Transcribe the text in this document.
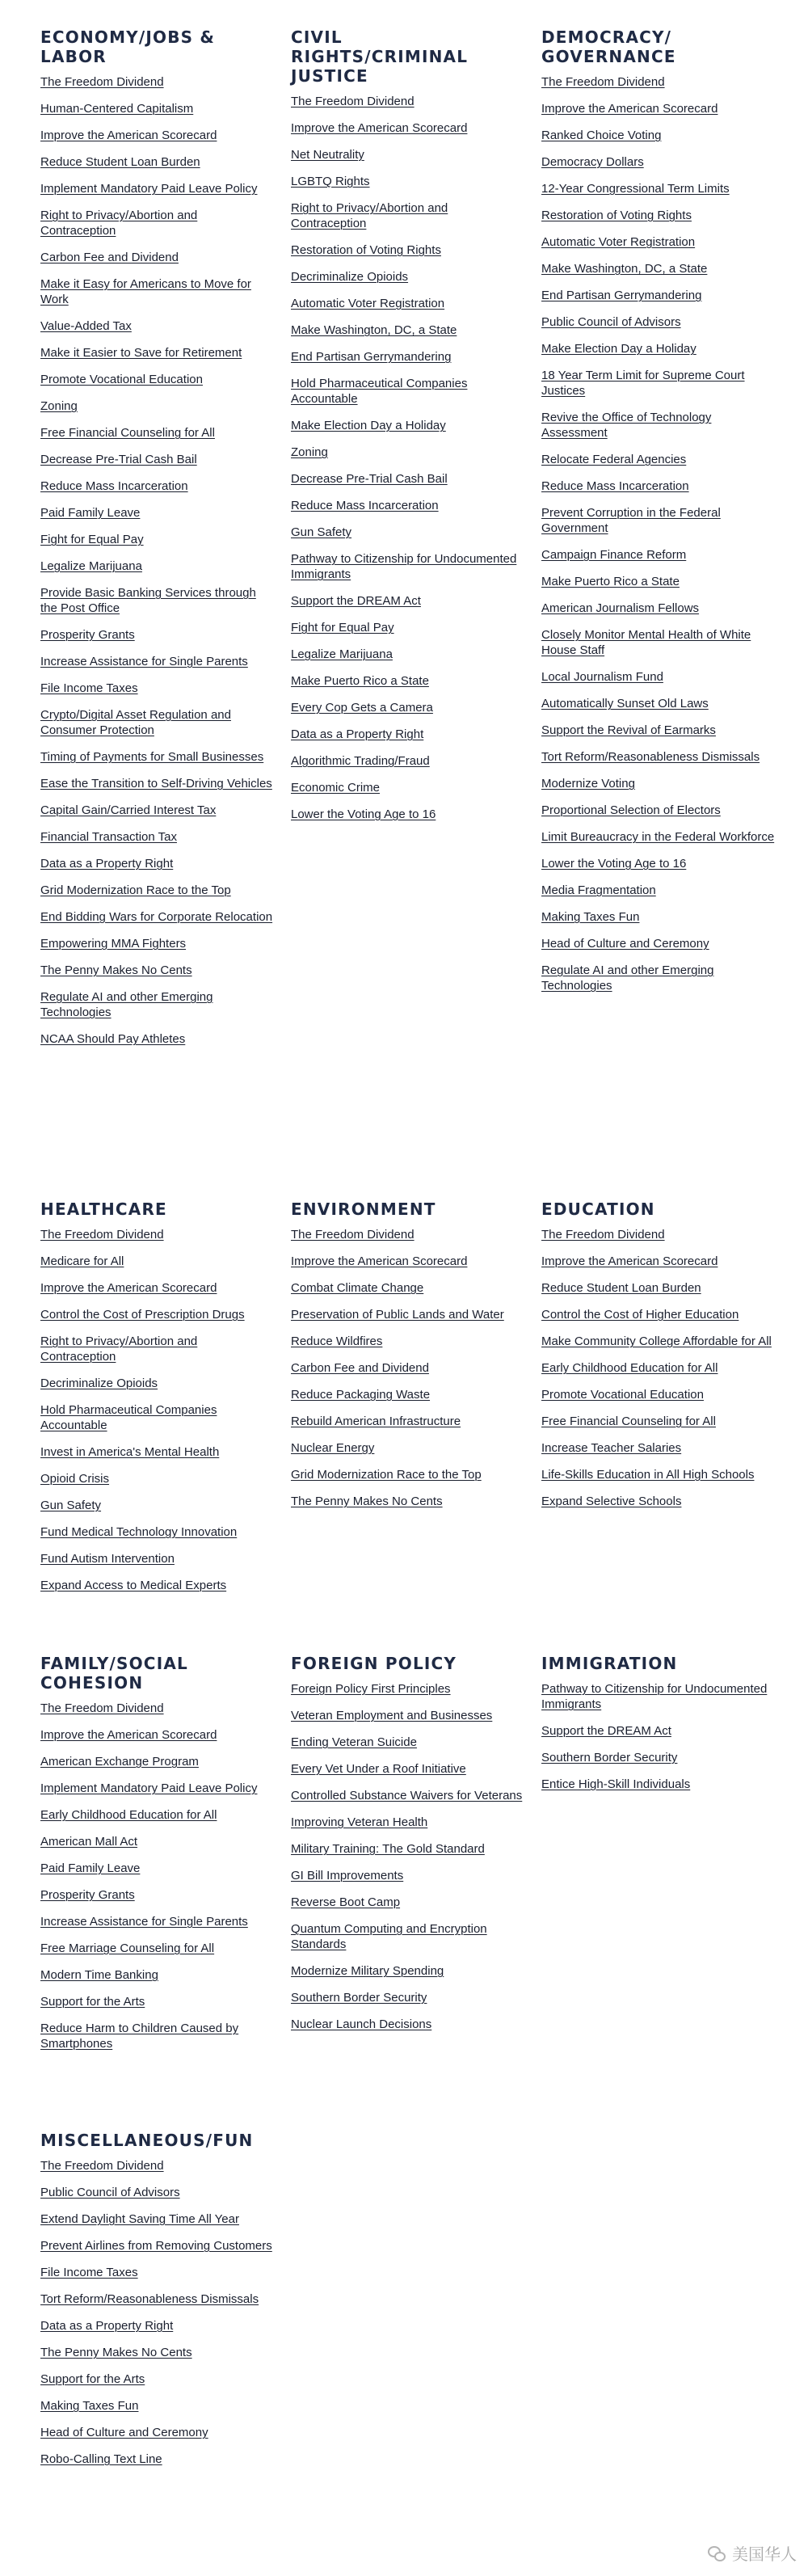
ECONOMY/JOBS & LABOR
The Freedom Dividend
Human-Centered Capitalism
Improve the American Scorecard
Reduce Student Loan Burden
Implement Mandatory Paid Leave Policy
Right to Privacy/Abortion and Contraception
Carbon Fee and Dividend
Make it Easy for Americans to Move for Work
Value-Added Tax
Make it Easier to Save for Retirement
Promote Vocational Education
Zoning
Free Financial Counseling for All
Decrease Pre-Trial Cash Bail
Reduce Mass Incarceration
Paid Family Leave
Fight for Equal Pay
Legalize Marijuana
Provide Basic Banking Services through the Post Office
Prosperity Grants
Increase Assistance for Single Parents
File Income Taxes
Crypto/Digital Asset Regulation and Consumer Protection
Timing of Payments for Small Businesses
Ease the Transition to Self-Driving Vehicles
Capital Gain/Carried Interest Tax
Financial Transaction Tax
Data as a Property Right
Grid Modernization Race to the Top
End Bidding Wars for Corporate Relocation
Empowering MMA Fighters
The Penny Makes No Cents
Regulate AI and other Emerging Technologies
NCAA Should Pay Athletes
CIVIL RIGHTS/CRIMINAL JUSTICE
The Freedom Dividend
Improve the American Scorecard
Net Neutrality
LGBTQ Rights
Right to Privacy/Abortion and Contraception
Restoration of Voting Rights
Decriminalize Opioids
Automatic Voter Registration
Make Washington, DC, a State
End Partisan Gerrymandering
Hold Pharmaceutical Companies Accountable
Make Election Day a Holiday
Zoning
Decrease Pre-Trial Cash Bail
Reduce Mass Incarceration
Gun Safety
Pathway to Citizenship for Undocumented Immigrants
Support the DREAM Act
Fight for Equal Pay
Legalize Marijuana
Make Puerto Rico a State
Every Cop Gets a Camera
Data as a Property Right
Algorithmic Trading/Fraud
Economic Crime
Lower the Voting Age to 16
DEMOCRACY/ GOVERNANCE
The Freedom Dividend
Improve the American Scorecard
Ranked Choice Voting
Democracy Dollars
12-Year Congressional Term Limits
Restoration of Voting Rights
Automatic Voter Registration
Make Washington, DC, a State
End Partisan Gerrymandering
Public Council of Advisors
Make Election Day a Holiday
18 Year Term Limit for Supreme Court Justices
Revive the Office of Technology Assessment
Relocate Federal Agencies
Reduce Mass Incarceration
Prevent Corruption in the Federal Government
Campaign Finance Reform
Make Puerto Rico a State
American Journalism Fellows
Closely Monitor Mental Health of White House Staff
Local Journalism Fund
Automatically Sunset Old Laws
Support the Revival of Earmarks
Tort Reform/Reasonableness Dismissals
Modernize Voting
Proportional Selection of Electors
Limit Bureaucracy in the Federal Workforce
Lower the Voting Age to 16
Media Fragmentation
Making Taxes Fun
Head of Culture and Ceremony
Regulate AI and other Emerging Technologies
HEALTHCARE
The Freedom Dividend
Medicare for All
Improve the American Scorecard
Control the Cost of Prescription Drugs
Right to Privacy/Abortion and Contraception
Decriminalize Opioids
Hold Pharmaceutical Companies Accountable
Invest in America's Mental Health
Opioid Crisis
Gun Safety
Fund Medical Technology Innovation
Fund Autism Intervention
Expand Access to Medical Experts
ENVIRONMENT
The Freedom Dividend
Improve the American Scorecard
Combat Climate Change
Preservation of Public Lands and Water
Reduce Wildfires
Carbon Fee and Dividend
Reduce Packaging Waste
Rebuild American Infrastructure
Nuclear Energy
Grid Modernization Race to the Top
The Penny Makes No Cents
EDUCATION
The Freedom Dividend
Improve the American Scorecard
Reduce Student Loan Burden
Control the Cost of Higher Education
Make Community College Affordable for All
Early Childhood Education for All
Promote Vocational Education
Free Financial Counseling for All
Increase Teacher Salaries
Life-Skills Education in All High Schools
Expand Selective Schools
FAMILY/SOCIAL COHESION
The Freedom Dividend
Improve the American Scorecard
American Exchange Program
Implement Mandatory Paid Leave Policy
Early Childhood Education for All
American Mall Act
Paid Family Leave
Prosperity Grants
Increase Assistance for Single Parents
Free Marriage Counseling for All
Modern Time Banking
Support for the Arts
Reduce Harm to Children Caused by Smartphones
FOREIGN POLICY
Foreign Policy First Principles
Veteran Employment and Businesses
Ending Veteran Suicide
Every Vet Under a Roof Initiative
Controlled Substance Waivers for Veterans
Improving Veteran Health
Military Training: The Gold Standard
GI Bill Improvements
Reverse Boot Camp
Quantum Computing and Encryption Standards
Modernize Military Spending
Southern Border Security
Nuclear Launch Decisions
IMMIGRATION
Pathway to Citizenship for Undocumented Immigrants
Support the DREAM Act
Southern Border Security
Entice High-Skill Individuals
MISCELLANEOUS/FUN
The Freedom Dividend
Public Council of Advisors
Extend Daylight Saving Time All Year
Prevent Airlines from Removing Customers
File Income Taxes
Tort Reform/Reasonableness Dismissals
Data as a Property Right
The Penny Makes No Cents
Support for the Arts
Making Taxes Fun
Head of Culture and Ceremony
Robo-Calling Text Line
美国华人
